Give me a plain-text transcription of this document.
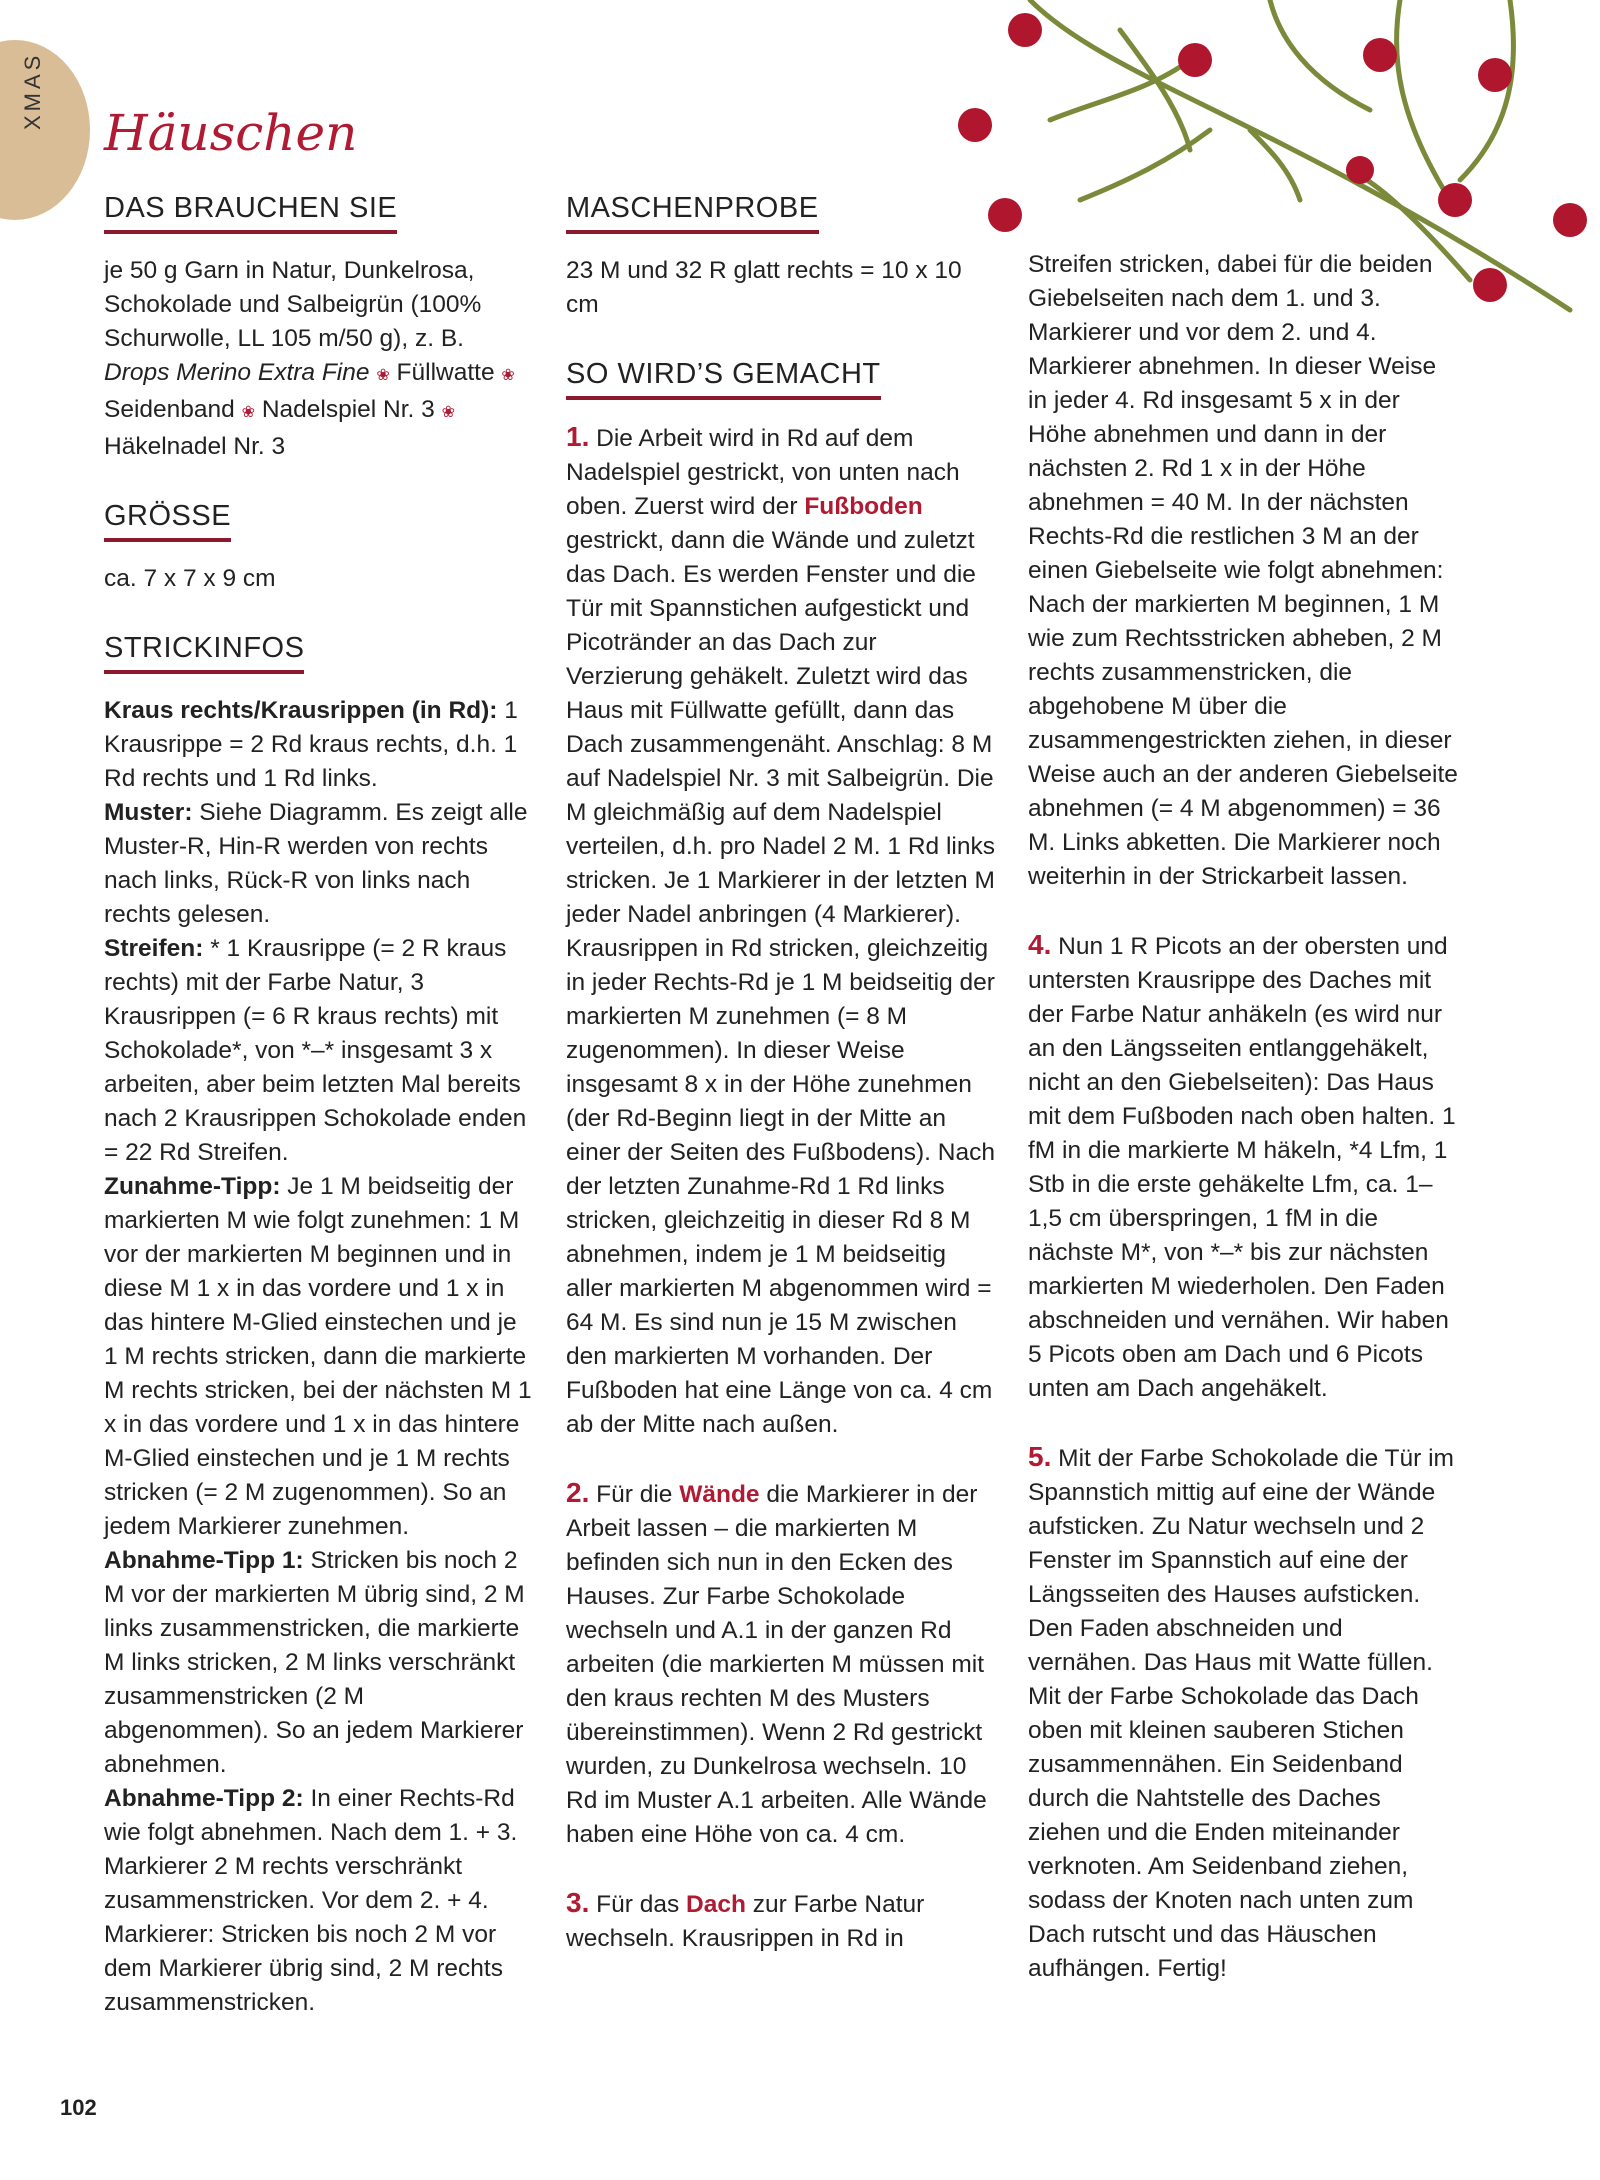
XMAS
Häuschen
DAS BRAUCHEN SIE
je 50 g Garn in Natur, Dunkelrosa, Schokolade und Salbeigrün (100% Schurwolle, LL 105 m/50 g), z. B. Drops Merino Extra Fine ❀ Füllwatte ❀ Seidenband ❀ Nadelspiel Nr. 3 ❀ Häkelnadel Nr. 3
GRÖSSE
ca. 7 x 7 x 9 cm
STRICKINFOS

Kraus rechts/Krausrippen (in Rd): 1 Krausrippe = 2 Rd kraus rechts, d.h. 1 Rd rechts und 1 Rd links.

Muster: Siehe Diagramm. Es zeigt alle Muster-R, Hin-R werden von rechts nach links, Rück-R von links nach rechts gelesen.

Streifen: * 1 Krausrippe (= 2 R kraus rechts) mit der Farbe Natur, 3 Krausrippen (= 6 R kraus rechts) mit Schokolade*, von *–* insgesamt 3 x arbeiten, aber beim letzten Mal bereits nach 2 Krausrippen Schokolade enden = 22 Rd Streifen.

Zunahme-Tipp: Je 1 M beidseitig der markierten M wie folgt zunehmen: 1 M vor der markierten M beginnen und in diese M 1 x in das vordere und 1 x in das hintere M-Glied einstechen und je 1 M rechts stricken, dann die markierte M rechts stricken, bei der nächsten M 1 x in das vordere und 1 x in das hintere M-Glied einstechen und je 1 M rechts stricken (= 2 M zugenommen). So an jedem Markierer zunehmen.

Abnahme-Tipp 1: Stricken bis noch 2 M vor der markierten M übrig sind, 2 M links zusammenstricken, die markierte M links stricken, 2 M links verschränkt zusammenstricken (2 M abgenommen). So an jedem Markierer abnehmen.

Abnahme-Tipp 2: In einer Rechts-Rd wie folgt abnehmen. Nach dem 1. + 3. Markierer 2 M rechts verschränkt zusammenstricken. Vor dem 2. + 4. Markierer: Stricken bis noch 2 M vor dem Markierer übrig sind, 2 M rechts zusammenstricken.

MASCHENPROBE
23 M und 32 R glatt rechts = 10 x 10 cm
SO WIRD’S GEMACHT

1. Die Arbeit wird in Rd auf dem Nadelspiel gestrickt, von unten nach oben. Zuerst wird der Fußboden gestrickt, dann die Wände und zuletzt das Dach. Es werden Fenster und die Tür mit Spannstichen aufgestickt und Picotränder an das Dach zur Verzierung gehäkelt. Zuletzt wird das Haus mit Füllwatte gefüllt, dann das Dach zusammengenäht. Anschlag: 8 M auf Nadelspiel Nr. 3 mit Salbeigrün. Die M gleichmäßig auf dem Nadelspiel verteilen, d.h. pro Nadel 2 M. 1 Rd links stricken. Je 1 Markierer in der letzten M jeder Nadel anbringen (4 Markierer). Krausrippen in Rd stricken, gleichzeitig in jeder Rechts-Rd je 1 M beidseitig der markierten M zunehmen (= 8 M zugenommen). In dieser Weise insgesamt 8 x in der Höhe zunehmen (der Rd-Beginn liegt in der Mitte an einer der Seiten des Fußbodens). Nach der letzten Zunahme-Rd 1 Rd links stricken, gleichzeitig in dieser Rd 8 M abnehmen, indem je 1 M beidseitig aller markierten M abgenommen wird = 64 M. Es sind nun je 15 M zwischen den markierten M vorhanden. Der Fußboden hat eine Länge von ca. 4 cm ab der Mitte nach außen.

2. Für die Wände die Markierer in der Arbeit lassen – die markierten M befinden sich nun in den Ecken des Hauses. Zur Farbe Schokolade wechseln und A.1 in der ganzen Rd arbeiten (die markierten M müssen mit den kraus rechten M des Musters übereinstimmen). Wenn 2 Rd gestrickt wurden, zu Dunkelrosa wechseln. 10 Rd im Muster A.1 arbeiten. Alle Wände haben eine Höhe von ca. 4 cm.

3. Für das Dach zur Farbe Natur wechseln. Krausrippen in Rd in

Streifen stricken, dabei für die beiden Giebelseiten nach dem 1. und 3. Markierer und vor dem 2. und 4. Markierer abnehmen. In dieser Weise in jeder 4. Rd insgesamt 5 x in der Höhe abnehmen und dann in der nächsten 2. Rd 1 x in der Höhe abnehmen = 40 M. In der nächsten Rechts-Rd die restlichen 3 M an der einen Giebelseite wie folgt abnehmen: Nach der markierten M beginnen, 1 M wie zum Rechtsstricken abheben, 2 M rechts zusammenstricken, die abgehobene M über die zusammengestrickten ziehen, in dieser Weise auch an der anderen Giebelseite abnehmen (= 4 M abgenommen) = 36 M. Links abketten. Die Markierer noch weiterhin in der Strickarbeit lassen.

4. Nun 1 R Picots an der obersten und untersten Krausrippe des Daches mit der Farbe Natur anhäkeln (es wird nur an den Längsseiten entlanggehäkelt, nicht an den Giebelseiten): Das Haus mit dem Fußboden nach oben halten. 1 fM in die markierte M häkeln, *4 Lfm, 1 Stb in die erste gehäkelte Lfm, ca. 1–1,5 cm überspringen, 1 fM in die nächste M*, von *–* bis zur nächsten markierten M wiederholen. Den Faden abschneiden und vernähen. Wir haben 5 Picots oben am Dach und 6 Picots unten am Dach angehäkelt.

5. Mit der Farbe Schokolade die Tür im Spannstich mittig auf eine der Wände aufsticken. Zu Natur wechseln und 2 Fenster im Spannstich auf eine der Längsseiten des Hauses aufsticken. Den Faden abschneiden und vernähen. Das Haus mit Watte füllen. Mit der Farbe Schokolade das Dach oben mit kleinen sauberen Stichen zusammennähen. Ein Seidenband durch die Nahtstelle des Daches ziehen und die Enden miteinander verknoten. Am Seidenband ziehen, sodass der Knoten nach unten zum Dach rutscht und das Häuschen aufhängen. Fertig!

102
